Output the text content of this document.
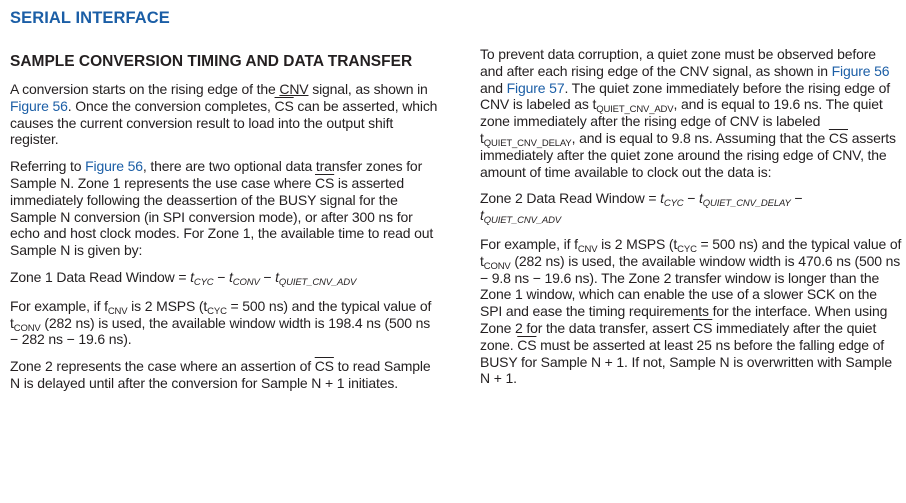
SERIAL INTERFACE
SAMPLE CONVERSION TIMING AND DATA TRANSFER

A conversion starts on the rising edge of the CNV signal, as shown in Figure 56. Once the conversion completes, $\overline{CS}$ can be asserted, which causes the current conversion result to load into the output shift register.

Referring to Figure 56, there are two optional data transfer zones for Sample N. Zone 1 represents the use case where $\overline{CS}$ is asserted immediately following the deassertion of the BUSY signal for the Sample N conversion (in SPI conversion mode), or after 300 ns for echo and host clock modes. For Zone 1, the available time to read out Sample N is given by:

Zone 1 Data Read Window = $t_{CYC} - t_{CONV} - t_{QUIET\_CNV\_ADV}$

For example, if $f_{CNV}$ is 2 MSPS ($t_{CYC} = 500$ ns) and the typical value of $t_{CONV}$ (282 ns) is used, the available window width is 198.4 ns (500 ns − 282 ns − 19.6 ns).

Zone 2 represents the case where an assertion of $\overline{CS}$ to read Sample N is delayed until after the conversion for Sample N + 1 initiates.

To prevent data corruption, a quiet zone must be observed before and after each rising edge of the CNV signal, as shown in Figure 56 and Figure 57. The quiet zone immediately before the rising edge of CNV is labeled as $t_{QUIET\_CNV\_ADV}$, and is equal to 19.6 ns. The quiet zone immediately after the rising edge of CNV is labeled $t_{QUIET\_CNV\_DELAY}$, and is equal to 9.8 ns. Assuming that the $\overline{CS}$ asserts immediately after the quiet zone around the rising edge of CNV, the amount of time available to clock out the data is:

Zone 2 Data Read Window = $t_{CYC} - t_{QUIET\_CNV\_DELAY}$ −
$t_{QUIET\_CNV\_ADV}$

For example, if $f_{CNV}$ is 2 MSPS ($t_{CYC} = 500$ ns) and the typical value of $t_{CONV}$ (282 ns) is used, the available window width is 470.6 ns (500 ns − 9.8 ns − 19.6 ns). The Zone 2 transfer window is longer than the Zone 1 window, which can enable the use of a slower SCK on the SPI and ease the timing requirements for the interface. When using Zone 2 for the data transfer, assert $\overline{CS}$ immediately after the quiet zone. $\overline{CS}$ must be asserted at least 25 ns before the falling edge of BUSY for Sample N + 1. If not, Sample N is overwritten with Sample N + 1.
